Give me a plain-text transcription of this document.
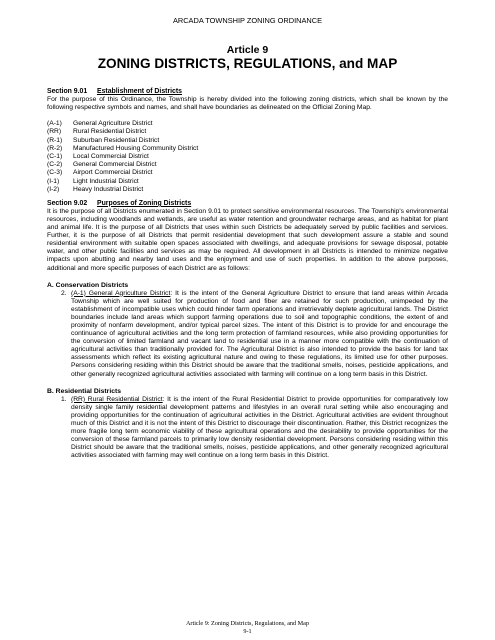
ARCADA TOWNSHIP ZONING ORDINANCE
Article 9
ZONING DISTRICTS, REGULATIONS, and MAP
Section 9.01 Establishment of Districts

For the purpose of this Ordinance, the Township is hereby divided into the following zoning districts, which shall be known by the following respective symbols and names, and shall have boundaries as delineated on the Official Zoning Map.

(A-1)	General Agriculture District
(RR)	Rural Residential District
(R-1)	Suburban Residential District
(R-2)	Manufactured Housing Community District
(C-1)	Local Commercial District
(C-2)	General Commercial District
(C-3)	Airport Commercial District
(I-1)	Light Industrial District
(I-2)	Heavy Industrial District
Section 9.02 Purposes of Zoning Districts

It is the purpose of all Districts enumerated in Section 9.01 to protect sensitive environmental resources. The Township's environmental resources, including woodlands and wetlands, are useful as water retention and groundwater recharge areas, and as habitat for plant and animal life. It is the purpose of all Districts that uses within such Districts be adequately served by public facilities and services. Further, it is the purpose of all Districts that permit residential development that such development assure a stable and sound residential environment with suitable open spaces associated with dwellings, and adequate provisions for sewage disposal, potable water, and other public facilities and services as may be required. All development in all Districts is intended to minimize negative impacts upon abutting and nearby land uses and the enjoyment and use of such properties. In addition to the above purposes, additional and more specific purposes of each District are as follows:

A. Conservation Districts
2. (A-1) General Agriculture District: It is the intent of the General Agriculture District to ensure that land areas within Arcada Township which are well suited for production of food and fiber are retained for such production, unimpeded by the establishment of incompatible uses which could hinder farm operations and irretrievably deplete agricultural lands. The District boundaries include land areas which support farming operations due to soil and topographic conditions, the extent of and proximity of nonfarm development, and/or typical parcel sizes. The intent of this District is to provide for and encourage the continuance of agricultural activities and the long term protection of farmland resources, while also providing opportunities for the conversion of limited farmland and vacant land to residential use in a manner more compatible with the continuation of agricultural activities than traditionally provided for. The Agricultural District is also intended to provide the basis for land tax assessments which reflect its existing agricultural nature and owing to these regulations, its limited use for other purposes. Persons considering residing within this District should be aware that the traditional smells, noises, pesticide applications, and other generally recognized agricultural activities associated with farming will continue on a long term basis in this District.
B. Residential Districts
1. (RR) Rural Residential District: It is the intent of the Rural Residential District to provide opportunities for comparatively low density single family residential development patterns and lifestyles in an overall rural setting while also encouraging and providing opportunities for the continuation of agricultural activities in the District. Agricultural activities are evident throughout much of this District and it is not the intent of this District to discourage their discontinuation. Rather, this District recognizes the more fragile long term economic viability of these agricultural operations and the desirability to provide opportunities for the conversion of these farmland parcels to primarily low density residential development. Persons considering residing within this District should be aware that the traditional smells, noises, pesticide applications, and other generally recognized agricultural activities associated with farming may well continue on a long term basis in this District.
Article 9: Zoning Districts, Regulations, and Map
9-1
